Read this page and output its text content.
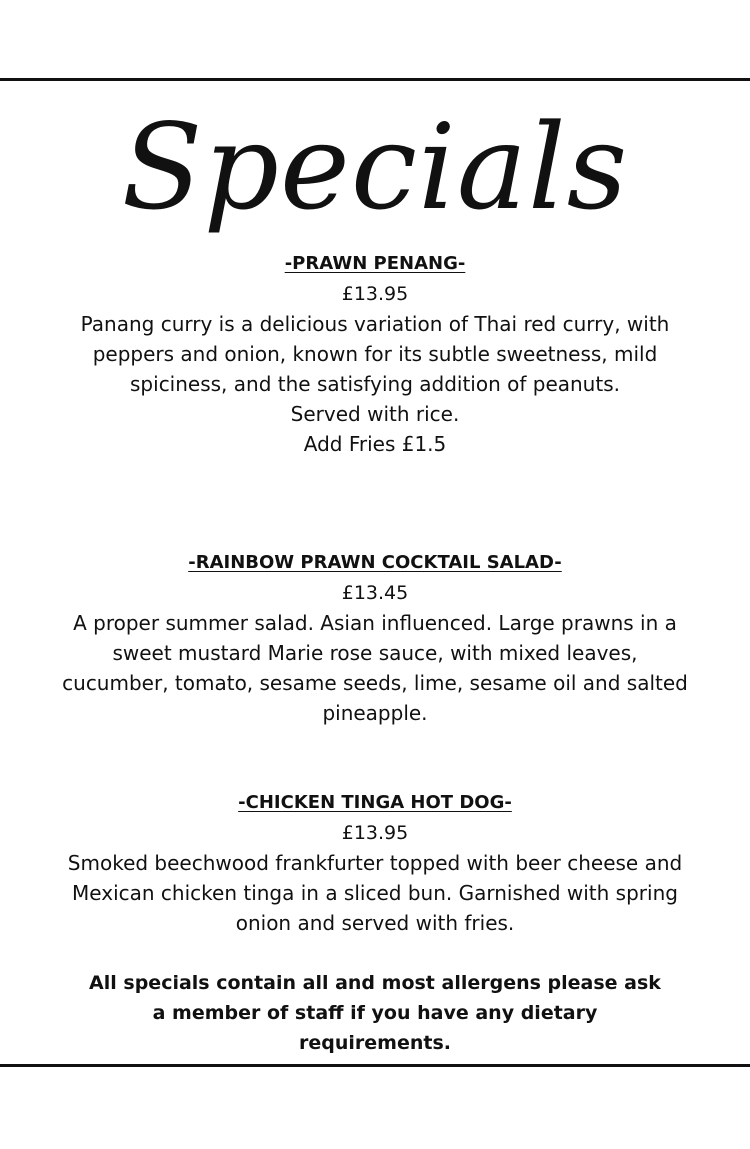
Specials
-PRAWN PENANG-
£13.95
Panang curry is a delicious variation of Thai red curry, with peppers and onion, known for its subtle sweetness, mild spiciness, and the satisfying addition of peanuts.
Served with rice.
Add Fries £1.5
-RAINBOW PRAWN COCKTAIL SALAD-
£13.45
A proper summer salad. Asian influenced. Large prawns in a sweet mustard Marie rose sauce, with mixed leaves, cucumber, tomato, sesame seeds, lime, sesame oil and salted pineapple.
-CHICKEN TINGA HOT DOG-
£13.95
Smoked beechwood frankfurter topped with beer cheese and Mexican chicken tinga in a sliced bun. Garnished with spring onion and served with fries.
All specials contain all and most allergens please ask a member of staff if you have any dietary requirements.
